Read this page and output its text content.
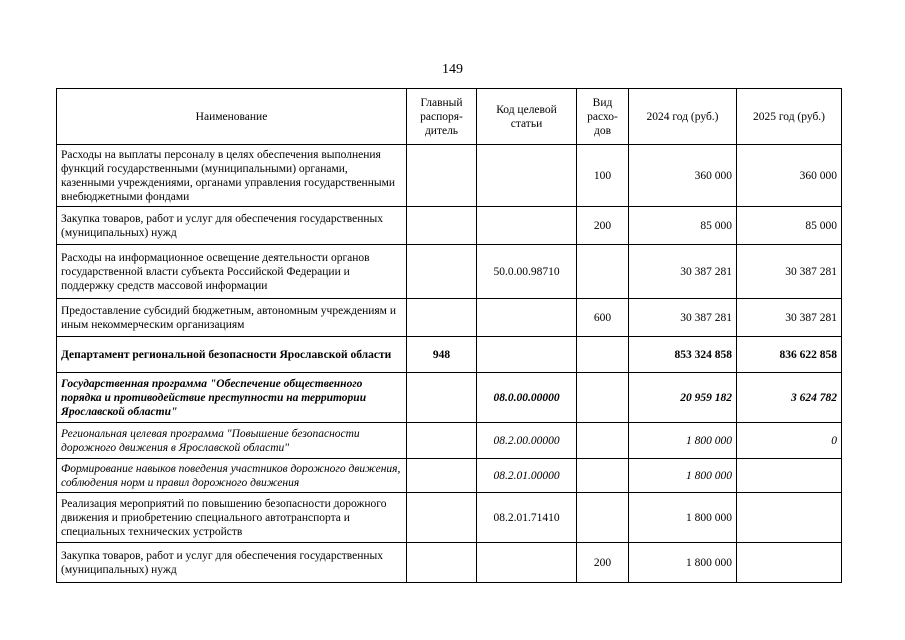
149
Наименование	Главный распоря-дитель	Код целевой статьи	Вид расхо-дов	2024 год (руб.)	2025 год (руб.)
Расходы на выплаты персоналу в целях обеспечения выполнения функций государственными (муниципальными) органами, казенными учреждениями, органами управления государственными внебюджетными фондами			100	360 000	360 000
Закупка товаров, работ и услуг для обеспечения государственных (муниципальных) нужд			200	85 000	85 000
Расходы на информационное освещение деятельности органов государственной власти субъекта Российской Федерации и поддержку средств массовой информации		50.0.00.98710		30 387 281	30 387 281
Предоставление субсидий бюджетным, автономным учреждениям и иным некоммерческим организациям			600	30 387 281	30 387 281
Департамент региональной безопасности Ярославской области	948			853 324 858	836 622 858
Государственная программа "Обеспечение общественного порядка и противодействие преступности на территории Ярославской области"		08.0.00.00000		20 959 182	3 624 782
Региональная целевая программа "Повышение безопасности дорожного движения в Ярославской области"		08.2.00.00000		1 800 000	0
Формирование навыков поведения участников дорожного движения, соблюдения норм и правил дорожного движения		08.2.01.00000		1 800 000	
Реализация мероприятий по повышению безопасности дорожного движения и приобретению специального автотранспорта и специальных технических устройств		08.2.01.71410		1 800 000	
Закупка товаров, работ и услуг для обеспечения государственных (муниципальных) нужд			200	1 800 000	
